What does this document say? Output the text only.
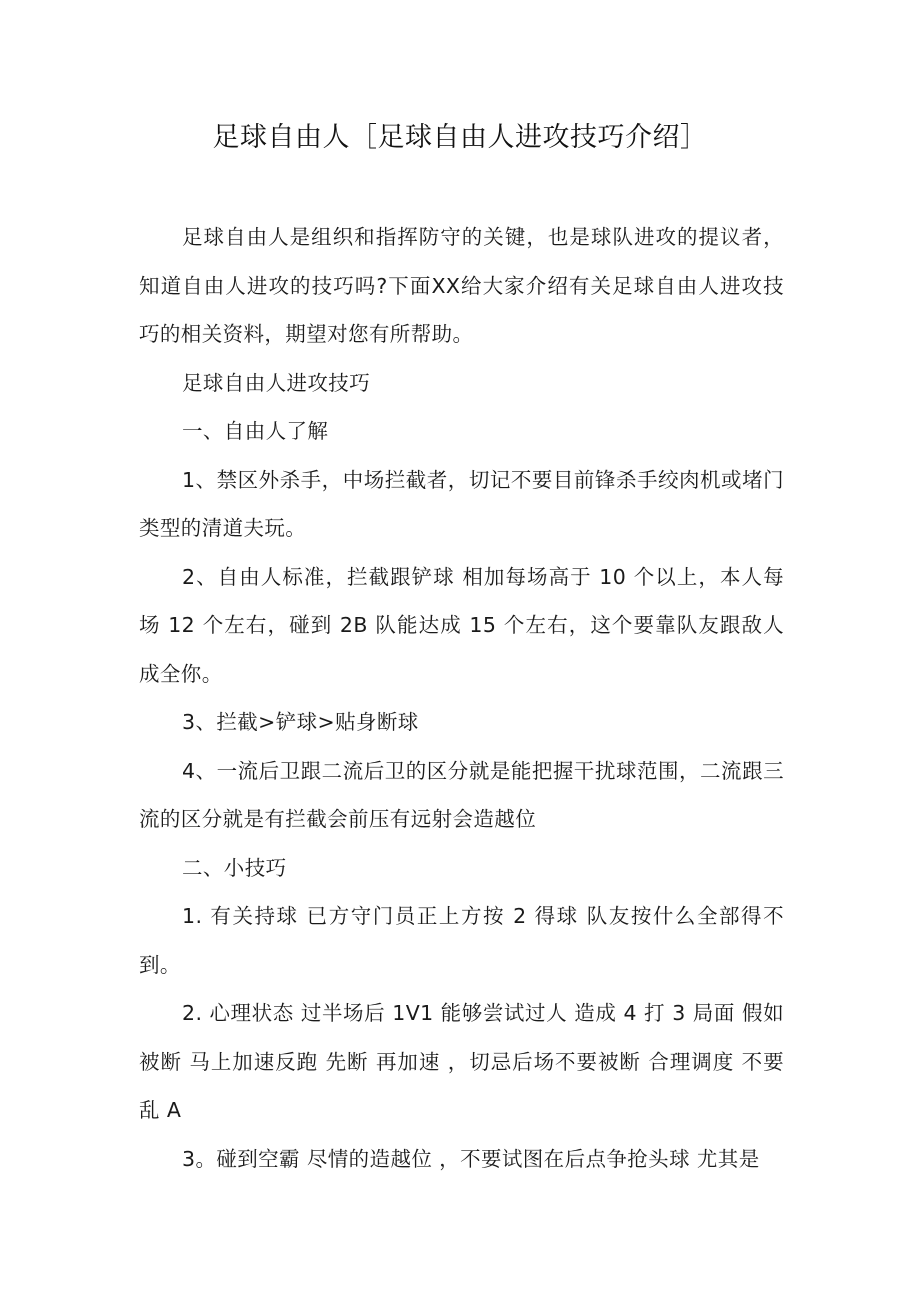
足球自由人［足球自由人进攻技巧介绍］

足球自由人是组织和指挥防守的关键，也是球队进攻的提议者，知道自由人进攻的技巧吗?下面XX给大家介绍有关足球自由人进攻技巧的相关资料，期望对您有所帮助。

足球自由人进攻技巧

一、自由人了解

1、禁区外杀手，中场拦截者，切记不要目前锋杀手绞肉机或堵门类型的清道夫玩。

2、自由人标准，拦截跟铲球 相加每场高于 10 个以上，本人每场 12 个左右，碰到 2B 队能达成 15 个左右，这个要靠队友跟敌人成全你。

3、拦截>铲球>贴身断球

4、一流后卫跟二流后卫的区分就是能把握干扰球范围，二流跟三流的区分就是有拦截会前压有远射会造越位

二、小技巧

1. 有关持球 已方守门员正上方按 2 得球 队友按什么全部得不到。

2. 心理状态 过半场后 1V1 能够尝试过人 造成 4 打 3 局面 假如被断 马上加速反跑 先断 再加速 ，切忌后场不要被断 合理调度 不要乱 A

3。碰到空霸 尽情的造越位 ，不要试图在后点争抢头球 尤其是
